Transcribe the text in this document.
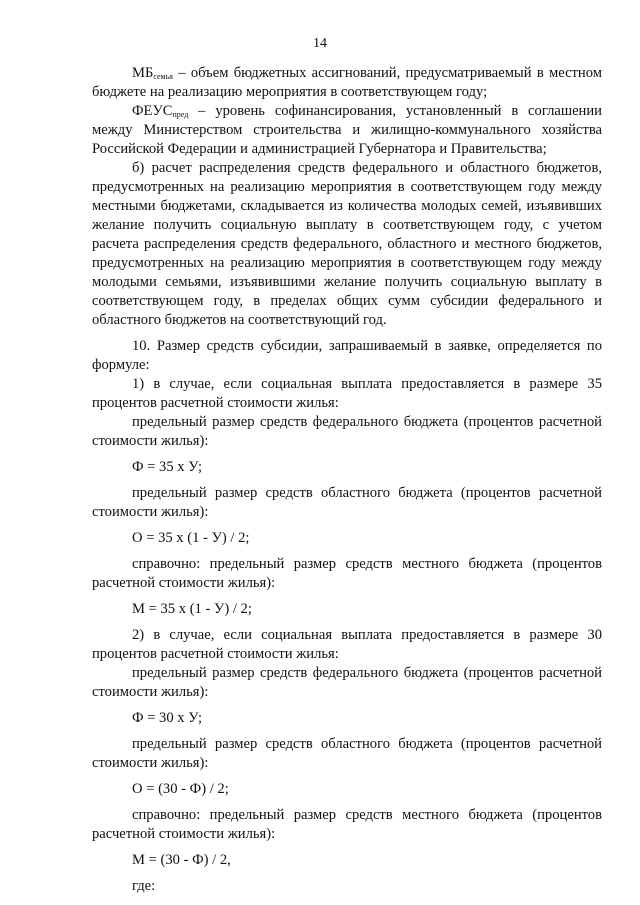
14

$МБ_{семья}$ – объем бюджетных ассигнований, предусматриваемый в местном бюджете на реализацию мероприятия в соответствующем году;

$ФЕУС_{пред}$ – уровень софинансирования, установленный в соглашении между Министерством строительства и жилищно-коммунального хозяйства Российской Федерации и администрацией Губернатора и Правительства;

б) расчет распределения средств федерального и областного бюджетов, предусмотренных на реализацию мероприятия в соответствующем году между местными бюджетами, складывается из количества молодых семей, изъявивших желание получить социальную выплату в соответствующем году, с учетом расчета распределения средств федерального, областного и местного бюджетов, предусмотренных на реализацию мероприятия в соответствующем году между молодыми семьями, изъявившими желание получить социальную выплату в соответствующем году, в пределах общих сумм субсидии федерального и областного бюджетов на соответствующий год.

10. Размер средств субсидии, запрашиваемый в заявке, определяется по формуле:

1) в случае, если социальная выплата предоставляется в размере 35 процентов расчетной стоимости жилья:

предельный размер средств федерального бюджета (процентов расчетной стоимости жилья):

Ф = 35 х У;

предельный размер средств областного бюджета (процентов расчетной стоимости жилья):

О = 35 х (1 - У) / 2;

справочно: предельный размер средств местного бюджета (процентов расчетной стоимости жилья):

М = 35 х (1 - У) / 2;

2) в случае, если социальная выплата предоставляется в размере 30 процентов расчетной стоимости жилья:

предельный размер средств федерального бюджета (процентов расчетной стоимости жилья):

Ф = 30 х У;

предельный размер средств областного бюджета (процентов расчетной стоимости жилья):

О = (30 - Ф) / 2;

справочно: предельный размер средств местного бюджета (процентов расчетной стоимости жилья):

М = (30 - Ф) / 2,

где:
